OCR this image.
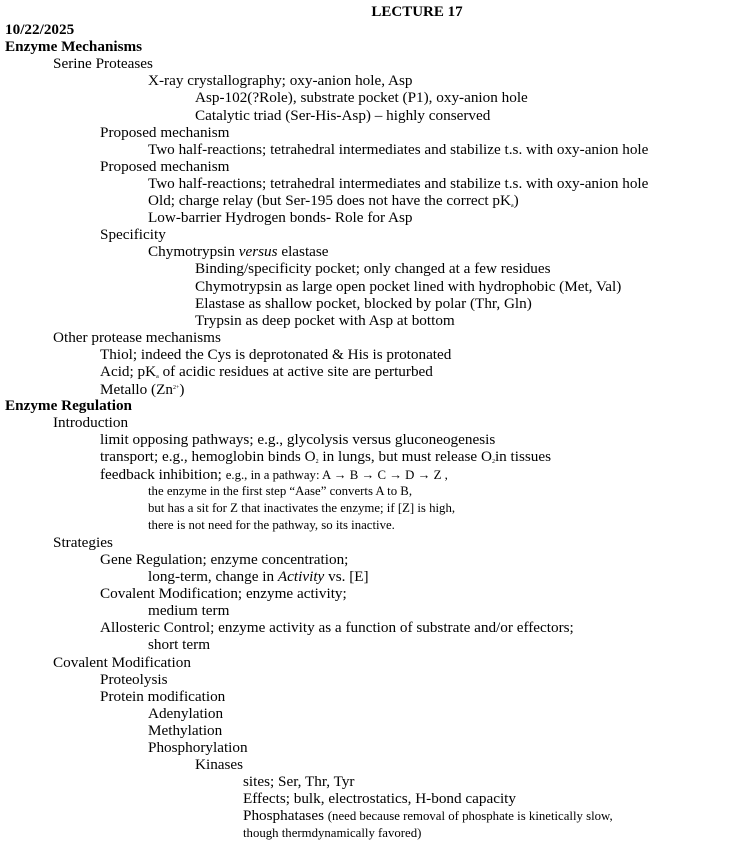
LECTURE 17
10/22/2025
Enzyme Mechanisms
Serine Proteases
X-ray crystallography; oxy-anion hole, Asp
Asp-102(?Role), substrate pocket (P1), oxy-anion hole
Catalytic triad (Ser-His-Asp) – highly conserved
Proposed mechanism
Two half-reactions; tetrahedral intermediates and stabilize t.s. with oxy-anion hole
Proposed mechanism
Two half-reactions; tetrahedral intermediates and stabilize t.s. with oxy-anion hole
Old; charge relay (but Ser-195 does not have the correct $pK_a$)
Low-barrier Hydrogen bonds- Role for Asp
Specificity
Chymotrypsin versus elastase
Binding/specificity pocket; only changed at a few residues
Chymotrypsin as large open pocket lined with hydrophobic (Met, Val)
Elastase as shallow pocket, blocked by polar (Thr, Gln)
Trypsin as deep pocket with Asp at bottom
Other protease mechanisms
Thiol; indeed the Cys is deprotonated & His is protonated
Acid; $pK_a$ of acidic residues at active site are perturbed
Metallo $(Zn^{2+})$
Enzyme Regulation
Introduction
limit opposing pathways; e.g., glycolysis versus gluconeogenesis
transport; e.g., hemoglobin binds $O_2$ in lungs, but must release $O_2in$ tissues
feedback inhibition; e.g., in a pathway: A → B → C → D → Z ,
the enzyme in the first step “Aase” converts A to B,
but has a sit for Z that inactivates the enzyme; if [Z] is high,
there is not need for the pathway, so its inactive.
Strategies
Gene Regulation; enzyme concentration;
long-term, change in Activity vs. [E]
Covalent Modification; enzyme activity;
medium term
Allosteric Control; enzyme activity as a function of substrate and/or effectors;
short term
Covalent Modification
Proteolysis
Protein modification
Adenylation
Methylation
Phosphorylation
Kinases
sites; Ser, Thr, Tyr
Effects; bulk, electrostatics, H-bond capacity
Phosphatases (need because removal of phosphate is kinetically slow,
though thermdynamically favored)
